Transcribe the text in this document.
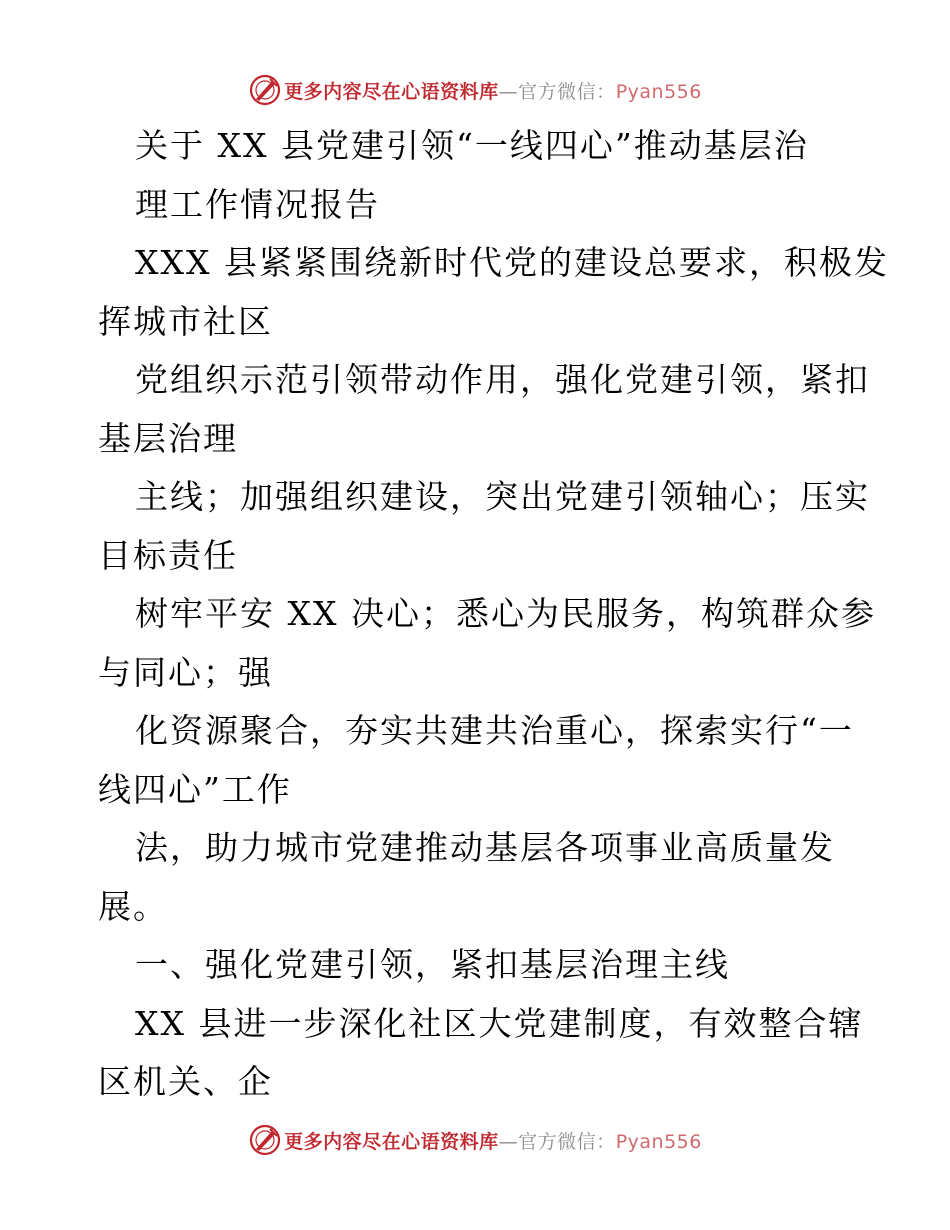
更多内容尽在心语资料库—官方微信：Pyan556
关于 XX 县党建引领“一线四心”推动基层治
理工作情况报告
XXX 县紧紧围绕新时代党的建设总要求，积极发
挥城市社区
党组织示范引领带动作用，强化党建引领，紧扣
基层治理
主线；加强组织建设，突出党建引领轴心；压实
目标责任
树牢平安 XX 决心；悉心为民服务，构筑群众参
与同心；强
化资源聚合，夯实共建共治重心，探索实行“一
线四心”工作
法，助力城市党建推动基层各项事业高质量发
展。
一、强化党建引领，紧扣基层治理主线
XX 县进一步深化社区大党建制度，有效整合辖
区机关、企
更多内容尽在心语资料库—官方微信：Pyan556
